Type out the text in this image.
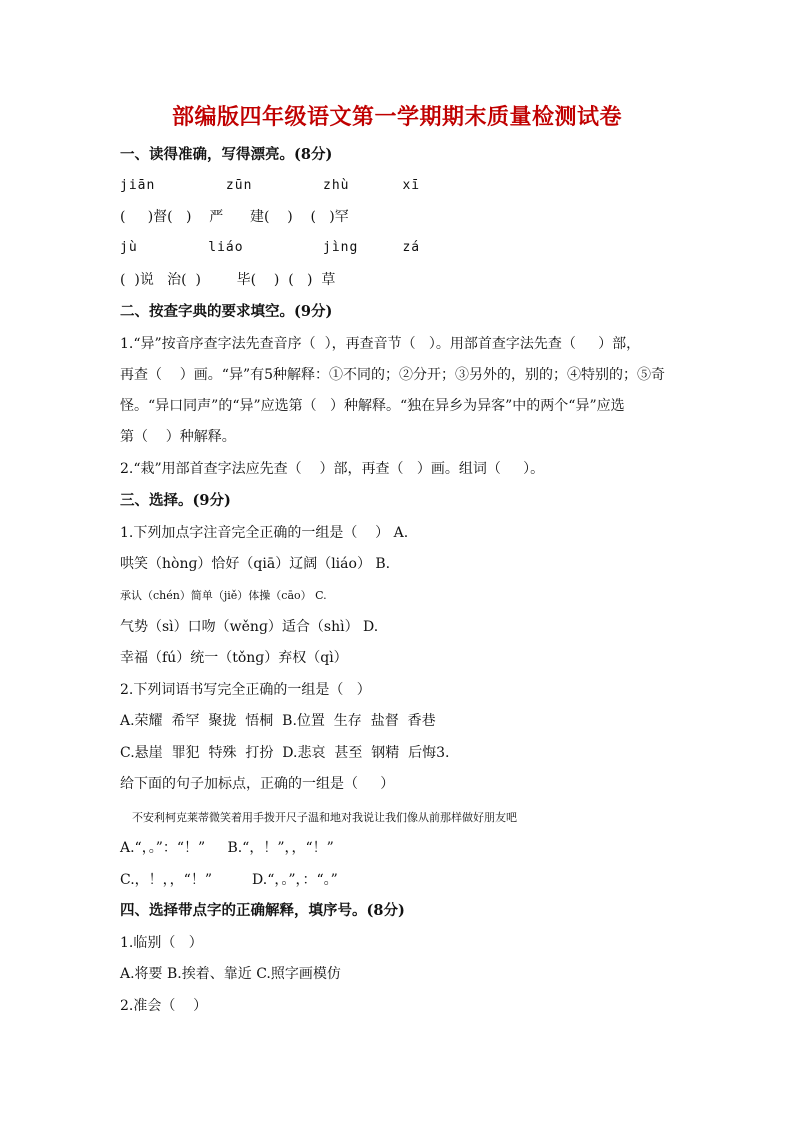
部编版四年级语文第一学期期末质量检测试卷
一、读得准确，写得漂亮。(8分)
jiān        zūn        zhù      xī
(     )督(   )    严      建(    )    (   )罕
jù        liáo         jìng     zá
(  )说   治(  )        毕(    )  (   )  草
二、按查字典的要求填空。(9分)
1.“异”按音序查字法先查音序（  ），再查音节（   ）。用部首查字法先查（     ）部，
再查（    ）画。“异”有5种解释：①不同的；②分开；③另外的，别的；④特别的；⑤奇
怪。“异口同声”的“异”应选第（   ）种解释。“独在异乡为异客”中的两个“异”应选
第（    ）种解释。
2.“栽”用部首查字法应先查（    ）部，再查（   ）画。组词（     ）。
三、选择。(9分)
1.下列加点字注音完全正确的一组是（    ） A.
哄笑（hònɡ）恰好（qiā）辽阔（liáo） B.
承认（chén）简单（jiě）体操（cāo） C.
气势（sì）口吻（wěnɡ）适合（shì） D.
幸福（fú）统一（tǒnɡ）弃权（qì）
2.下列词语书写完全正确的一组是（   ）
A.荣耀  希罕  聚拢  悟桐  B.位置  生存  盐督  香巷
C.悬崖  罪犯  特殊  打扮  D.悲哀  甚至  钢精  后悔3.
给下面的句子加标点，正确的一组是（     ）
不安利柯克莱蒂微笑着用手拨开尺子温和地对我说让我们像从前那样做好朋友吧
A.“，。”：“！”     B.“，！”，，“！”
C.，！，，“！”         D.“，。”，：“。”
四、选择带点字的正确解释，填序号。(8分)
1.临别（   ）
A.将要 B.挨着、靠近 C.照字画模仿
2.准会（    ）
